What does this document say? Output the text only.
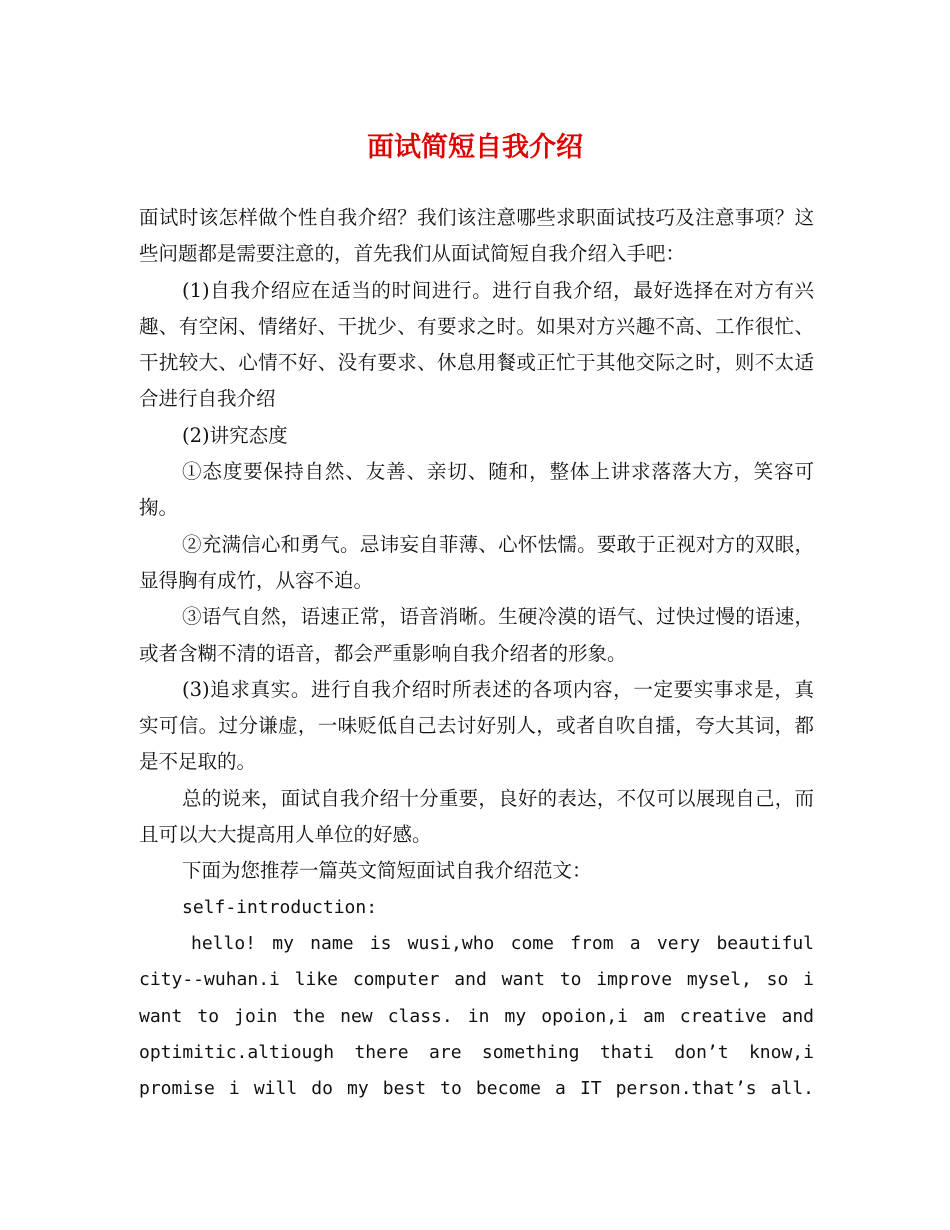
面试简短自我介绍

面试时该怎样做个性自我介绍？我们该注意哪些求职面试技巧及注意事项？这些问题都是需要注意的，首先我们从面试简短自我介绍入手吧：

(1)自我介绍应在适当的时间进行。进行自我介绍，最好选择在对方有兴趣、有空闲、情绪好、干扰少、有要求之时。如果对方兴趣不高、工作很忙、干扰较大、心情不好、没有要求、休息用餐或正忙于其他交际之时，则不太适合进行自我介绍

(2)讲究态度

①态度要保持自然、友善、亲切、随和，整体上讲求落落大方，笑容可掬。

②充满信心和勇气。忌讳妄自菲薄、心怀怯懦。要敢于正视对方的双眼，显得胸有成竹，从容不迫。

③语气自然，语速正常，语音消晰。生硬冷漠的语气、过快过慢的语速，或者含糊不清的语音，都会严重影响自我介绍者的形象。

(3)追求真实。进行自我介绍时所表述的各项内容，一定要实事求是，真实可信。过分谦虚，一味贬低自己去讨好别人，或者自吹自擂，夸大其词，都是不足取的。

总的说来，面试自我介绍十分重要，良好的表达，不仅可以展现自己，而且可以大大提高用人单位的好感。

下面为您推荐一篇英文简短面试自我介绍范文：

self-introduction:

hello! my name is wusi,who come from a very beautiful

city--wuhan.i like computer and want to improve mysel, so i

want to join the new class. in my opoion,i am creative and

optimitic.altiough there are something thati don’t know,i

promise i will do my best to become a IT person.that’s all.
